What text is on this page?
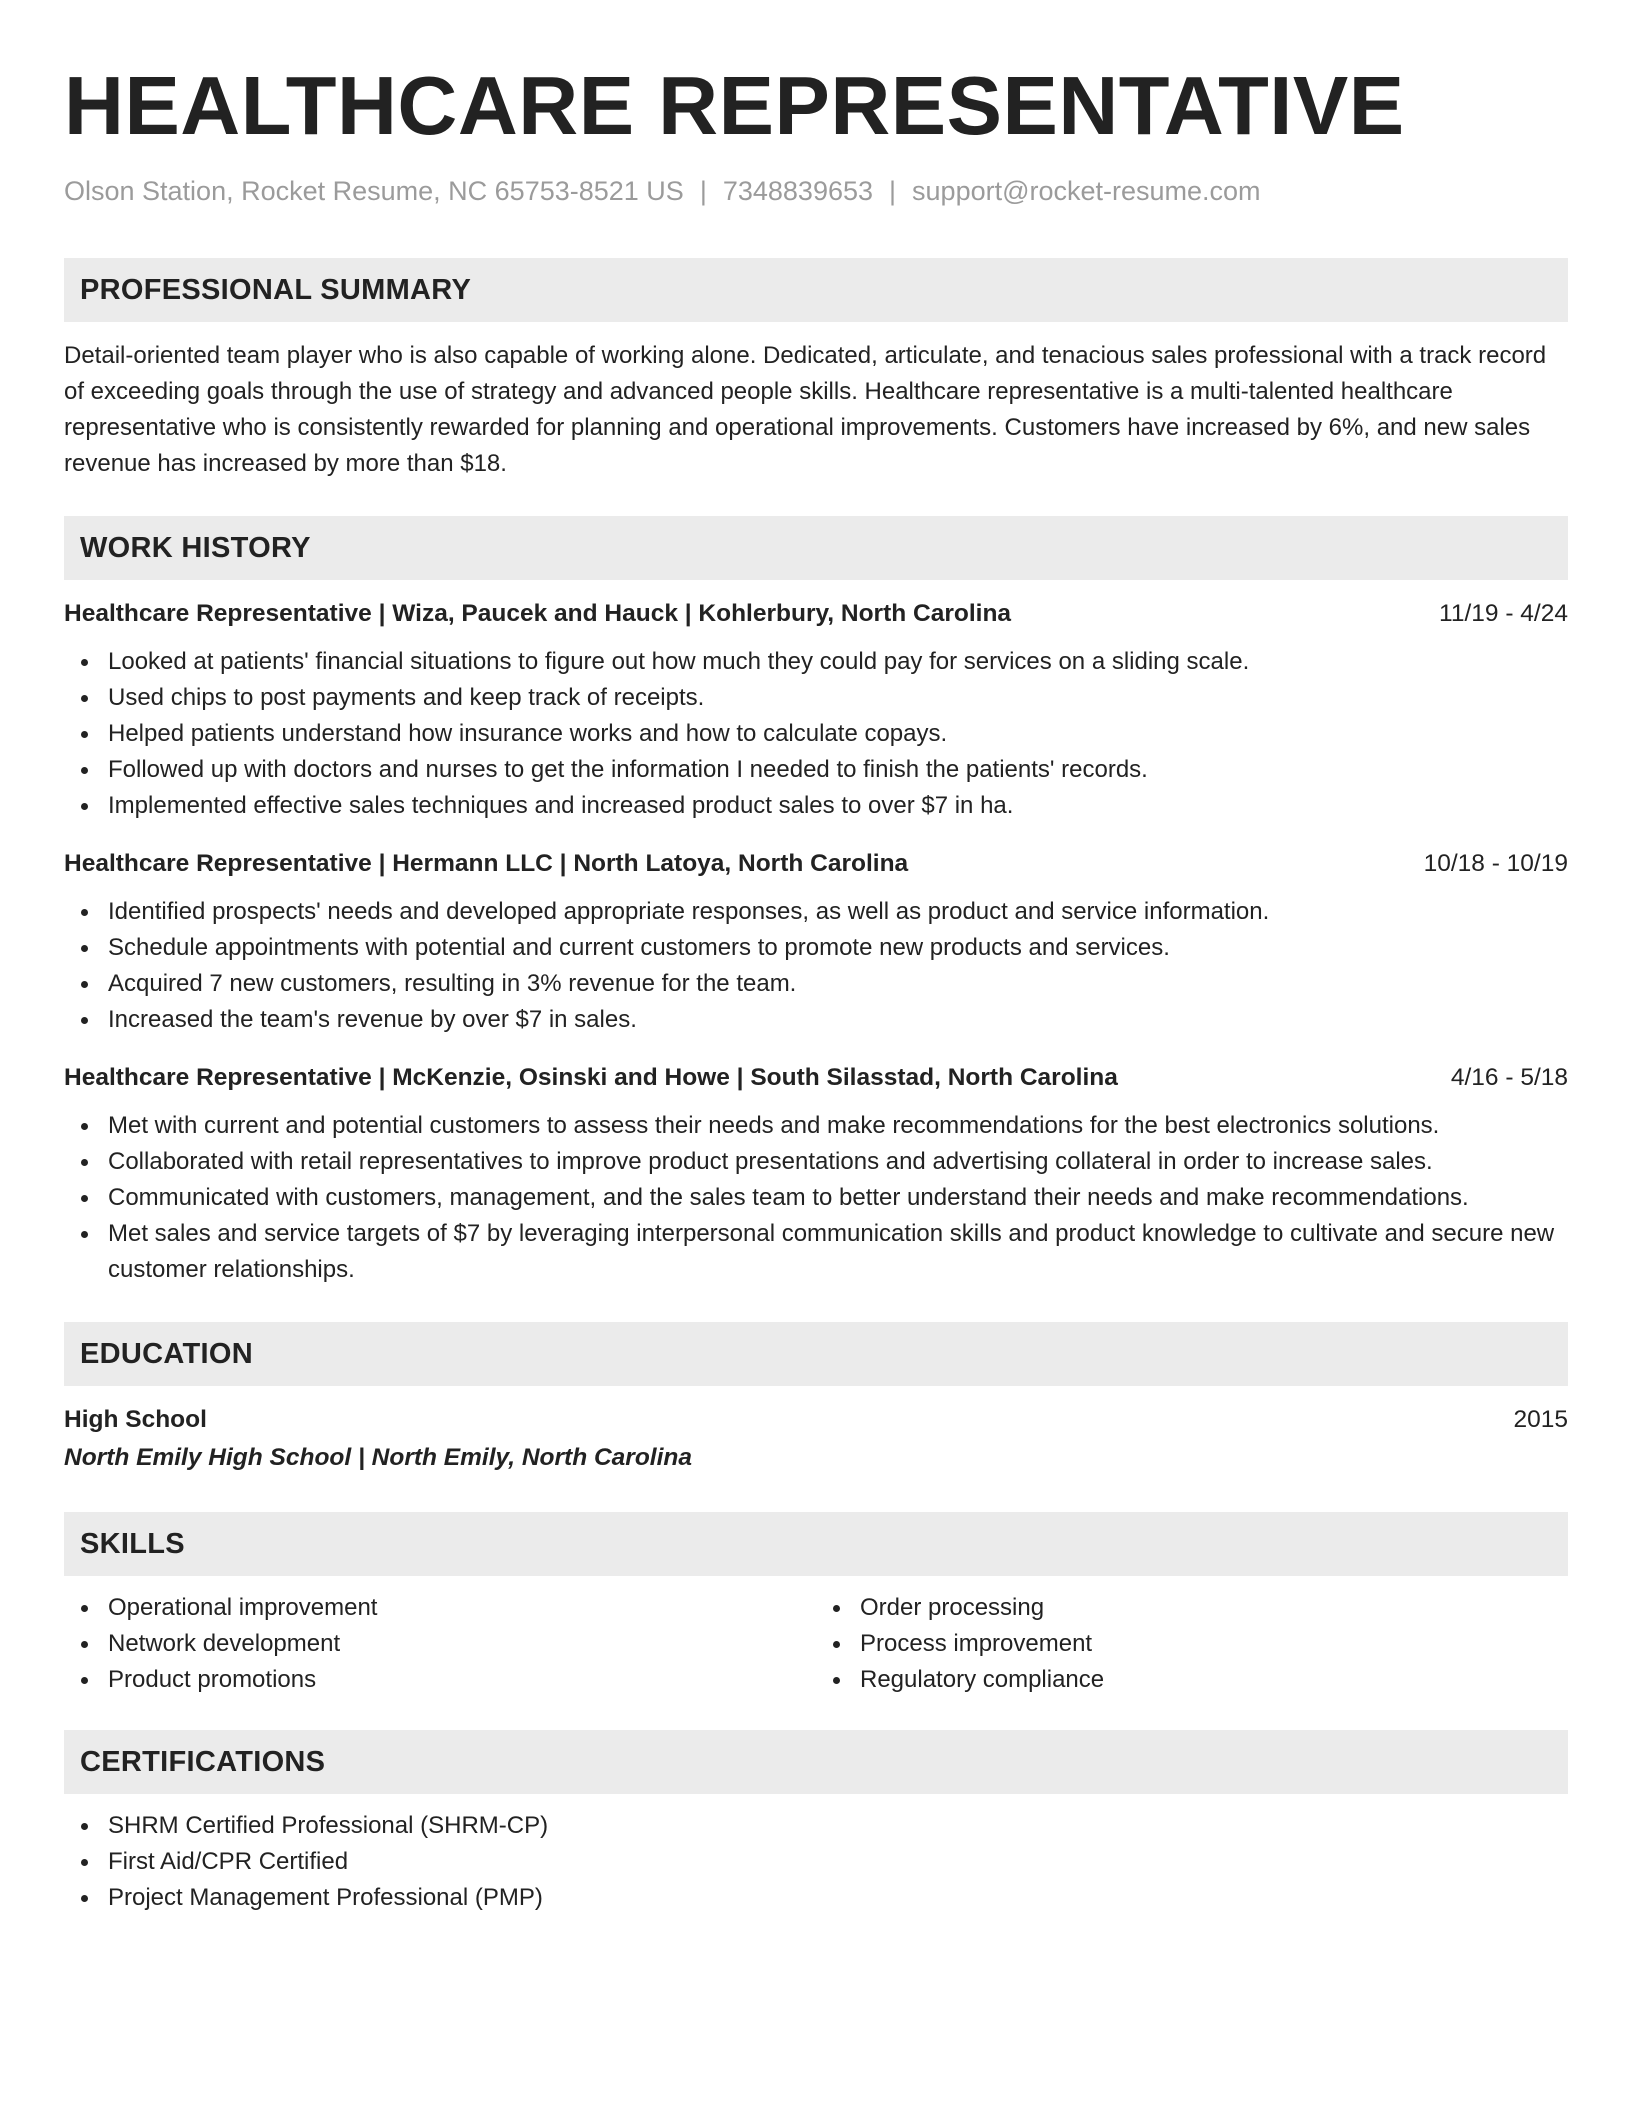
HEALTHCARE REPRESENTATIVE
Olson Station, Rocket Resume, NC 65753-8521 US | 7348839653 | support@rocket-resume.com
PROFESSIONAL SUMMARY
Detail-oriented team player who is also capable of working alone. Dedicated, articulate, and tenacious sales professional with a track record of exceeding goals through the use of strategy and advanced people skills. Healthcare representative is a multi-talented healthcare representative who is consistently rewarded for planning and operational improvements. Customers have increased by 6%, and new sales revenue has increased by more than $18.
WORK HISTORY
Healthcare Representative | Wiza, Paucek and Hauck | Kohlerbury, North Carolina	11/19 - 4/24
Looked at patients' financial situations to figure out how much they could pay for services on a sliding scale.
Used chips to post payments and keep track of receipts.
Helped patients understand how insurance works and how to calculate copays.
Followed up with doctors and nurses to get the information I needed to finish the patients' records.
Implemented effective sales techniques and increased product sales to over $7 in ha.
Healthcare Representative | Hermann LLC | North Latoya, North Carolina	10/18 - 10/19
Identified prospects' needs and developed appropriate responses, as well as product and service information.
Schedule appointments with potential and current customers to promote new products and services.
Acquired 7 new customers, resulting in 3% revenue for the team.
Increased the team's revenue by over $7 in sales.
Healthcare Representative | McKenzie, Osinski and Howe | South Silasstad, North Carolina	4/16 - 5/18
Met with current and potential customers to assess their needs and make recommendations for the best electronics solutions.
Collaborated with retail representatives to improve product presentations and advertising collateral in order to increase sales.
Communicated with customers, management, and the sales team to better understand their needs and make recommendations.
Met sales and service targets of $7 by leveraging interpersonal communication skills and product knowledge to cultivate and secure new customer relationships.
EDUCATION
High School	2015
North Emily High School | North Emily, North Carolina
SKILLS
Operational improvement
Network development
Product promotions
Order processing
Process improvement
Regulatory compliance
CERTIFICATIONS
SHRM Certified Professional (SHRM-CP)
First Aid/CPR Certified
Project Management Professional (PMP)
